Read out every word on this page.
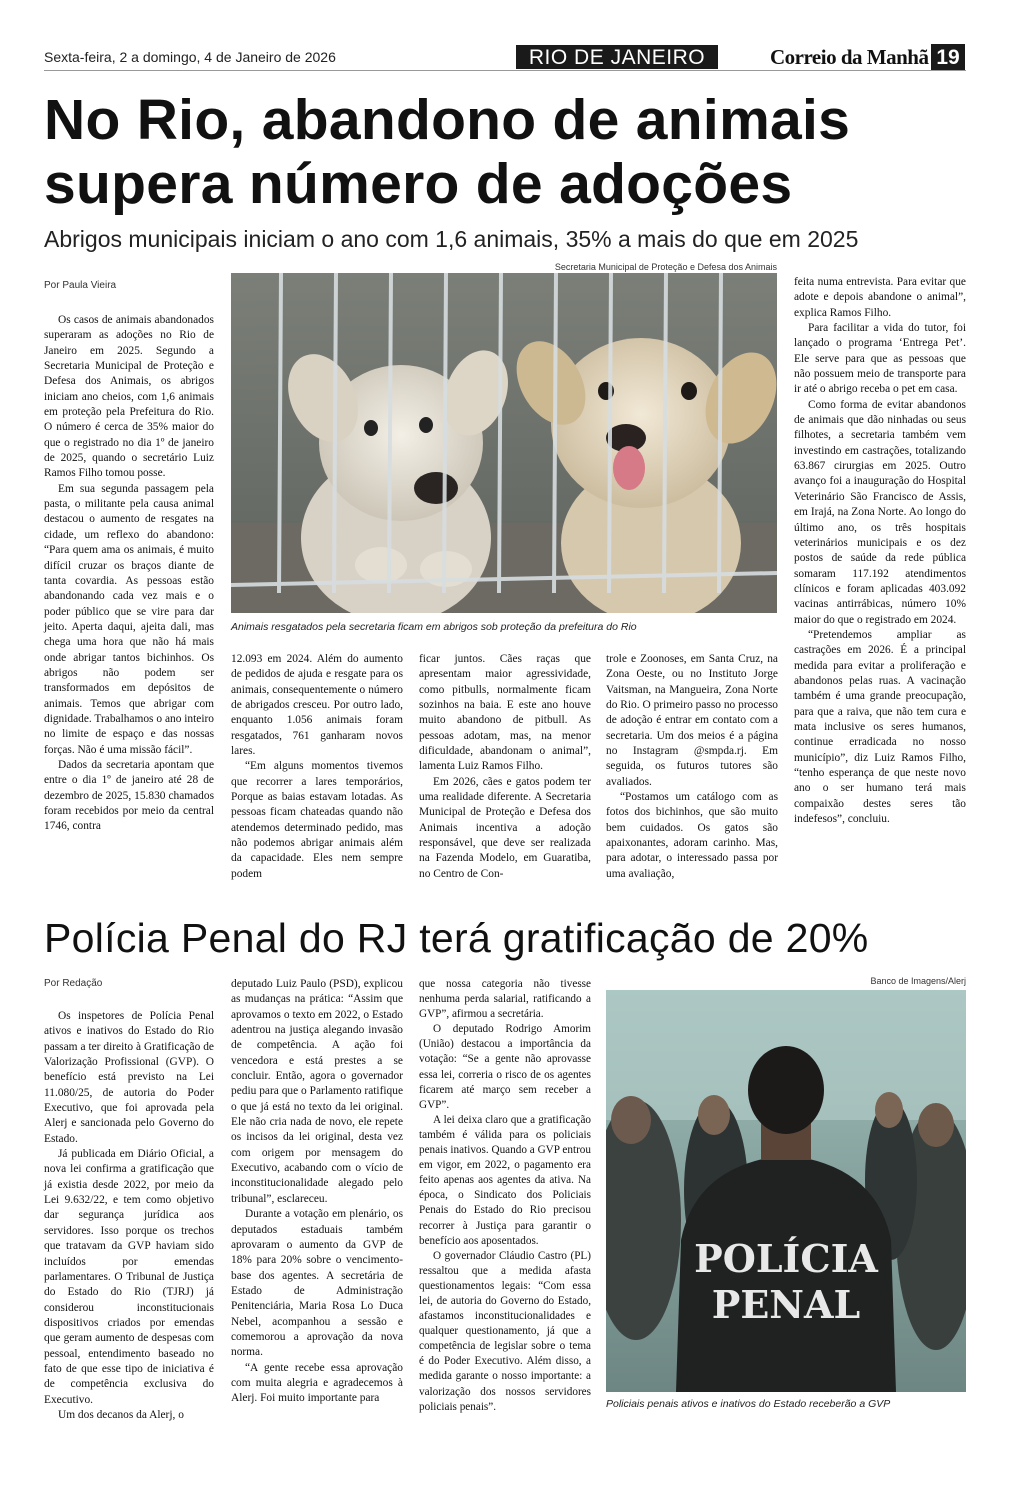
Sexta-feira, 2 a domingo, 4 de Janeiro de 2026	RIO DE JANEIRO	Correio da Manhã 19
No Rio, abandono de animais supera número de adoções
Abrigos municipais iniciam o ano com 1,6 animais, 35% a mais do que em 2025
Por Paula Vieira
Secretaria Municipal de Proteção e Defesa dos Animais
Animais resgatados pela secretaria ficam em abrigos sob proteção da prefeitura do Rio

Os casos de animais abandonados superaram as adoções no Rio de Janeiro em 2025. Segundo a Secretaria Municipal de Proteção e Defesa dos Animais, os abrigos iniciam ano cheios, com 1,6 animais em proteção pela Prefeitura do Rio. O número é cerca de 35% maior do que o registrado no dia 1º de janeiro de 2025, quando o secretário Luiz Ramos Filho tomou posse.

Em sua segunda passagem pela pasta, o militante pela causa animal destacou o aumento de resgates na cidade, um reflexo do abandono: “Para quem ama os animais, é muito difícil cruzar os braços diante de tanta covardia. As pessoas estão abandonando cada vez mais e o poder público que se vire para dar jeito. Aperta daqui, ajeita dali, mas chega uma hora que não há mais onde abrigar tantos bichinhos. Os abrigos não podem ser transformados em depósitos de animais. Temos que abrigar com dignidade. Trabalhamos o ano inteiro no limite de espaço e das nossas forças. Não é uma missão fácil”.

Dados da secretaria apontam que entre o dia 1º de janeiro até 28 de dezembro de 2025, 15.830 chamados foram recebidos por meio da central 1746, contra

12.093 em 2024. Além do aumento de pedidos de ajuda e resgate para os animais, consequentemente o número de abrigados cresceu. Por outro lado, enquanto 1.056 animais foram resgatados, 761 ganharam novos lares.

“Em alguns momentos tivemos que recorrer a lares temporários, Porque as baias estavam lotadas. As pessoas ficam chateadas quando não atendemos determinado pedido, mas não podemos abrigar animais além da capacidade. Eles nem sempre podem

ficar juntos. Cães raças que apresentam maior agressividade, como pitbulls, normalmente ficam sozinhos na baia. E este ano houve muito abandono de pitbull. As pessoas adotam, mas, na menor dificuldade, abandonam o animal”, lamenta Luiz Ramos Filho.

Em 2026, cães e gatos podem ter uma realidade diferente. A Secretaria Municipal de Proteção e Defesa dos Animais incentiva a adoção responsável, que deve ser realizada na Fazenda Modelo, em Guaratiba, no Centro de Con-

trole e Zoonoses, em Santa Cruz, na Zona Oeste, ou no Instituto Jorge Vaitsman, na Mangueira, Zona Norte do Rio. O primeiro passo no processo de adoção é entrar em contato com a secretaria. Um dos meios é a página no Instagram @smpda.rj. Em seguida, os futuros tutores são avaliados.

“Postamos um catálogo com as fotos dos bichinhos, que são muito bem cuidados. Os gatos são apaixonantes, adoram carinho. Mas, para adotar, o interessado passa por uma avaliação,

feita numa entrevista. Para evitar que adote e depois abandone o animal”, explica Ramos Filho.

Para facilitar a vida do tutor, foi lançado o programa ‘Entrega Pet’. Ele serve para que as pessoas que não possuem meio de transporte para ir até o abrigo receba o pet em casa.

Como forma de evitar abandonos de animais que dão ninhadas ou seus filhotes, a secretaria também vem investindo em castrações, totalizando 63.867 cirurgias em 2025. Outro avanço foi a inauguração do Hospital Veterinário São Francisco de Assis, em Irajá, na Zona Norte. Ao longo do último ano, os três hospitais veterinários municipais e os dez postos de saúde da rede pública somaram 117.192 atendimentos clínicos e foram aplicadas 403.092 vacinas antirrábicas, número 10% maior do que o registrado em 2024.

“Pretendemos ampliar as castrações em 2026. É a principal medida para evitar a proliferação e abandonos pelas ruas. A vacinação também é uma grande preocupação, para que a raiva, que não tem cura e mata inclusive os seres humanos, continue erradicada no nosso município”, diz Luiz Ramos Filho, “tenho esperança de que neste novo ano o ser humano terá mais compaixão destes seres tão indefesos”, concluiu.

Polícia Penal do RJ terá gratificação de 20%
Por Redação	Banco de Imagens/Alerj

Os inspetores de Polícia Penal ativos e inativos do Estado do Rio passam a ter direito à Gratificação de Valorização Profissional (GVP). O benefício está previsto na Lei 11.080/25, de autoria do Poder Executivo, que foi aprovada pela Alerj e sancionada pelo Governo do Estado.

Já publicada em Diário Oficial, a nova lei confirma a gratificação que já existia desde 2022, por meio da Lei 9.632/22, e tem como objetivo dar segurança jurídica aos servidores. Isso porque os trechos que tratavam da GVP haviam sido incluídos por emendas parlamentares. O Tribunal de Justiça do Estado do Rio (TJRJ) já considerou inconstitucionais dispositivos criados por emendas que geram aumento de despesas com pessoal, entendimento baseado no fato de que esse tipo de iniciativa é de competência exclusiva do Executivo.

Um dos decanos da Alerj, o

deputado Luiz Paulo (PSD), explicou as mudanças na prática: “Assim que aprovamos o texto em 2022, o Estado adentrou na justiça alegando invasão de competência. A ação foi vencedora e está prestes a se concluir. Então, agora o governador pediu para que o Parlamento ratifique o que já está no texto da lei original. Ele não cria nada de novo, ele repete os incisos da lei original, desta vez com origem por mensagem do Executivo, acabando com o vício de inconstitucionalidade alegado pelo tribunal”, esclareceu.

Durante a votação em plenário, os deputados estaduais também aprovaram o aumento da GVP de 18% para 20% sobre o vencimento-base dos agentes. A secretária de Estado de Administração Penitenciária, Maria Rosa Lo Duca Nebel, acompanhou a sessão e comemorou a aprovação da nova norma.

“A gente recebe essa aprovação com muita alegria e agradecemos à Alerj. Foi muito importante para

que nossa categoria não tivesse nenhuma perda salarial, ratificando a GVP”, afirmou a secretária.

O deputado Rodrigo Amorim (União) destacou a importância da votação: “Se a gente não aprovasse essa lei, correria o risco de os agentes ficarem até março sem receber a GVP”.

A lei deixa claro que a gratificação também é válida para os policiais penais inativos. Quando a GVP entrou em vigor, em 2022, o pagamento era feito apenas aos agentes da ativa. Na época, o Sindicato dos Policiais Penais do Estado do Rio precisou recorrer à Justiça para garantir o benefício aos aposentados.

O governador Cláudio Castro (PL) ressaltou que a medida afasta questionamentos legais: “Com essa lei, de autoria do Governo do Estado, afastamos inconstitucionalidades e qualquer questionamento, já que a competência de legislar sobre o tema é do Poder Executivo. Além disso, a medida garante o nosso importante: a valorização dos nossos servidores policiais penais”.

POLÍCIA
PENAL
Policiais penais ativos e inativos do Estado receberão a GVP
